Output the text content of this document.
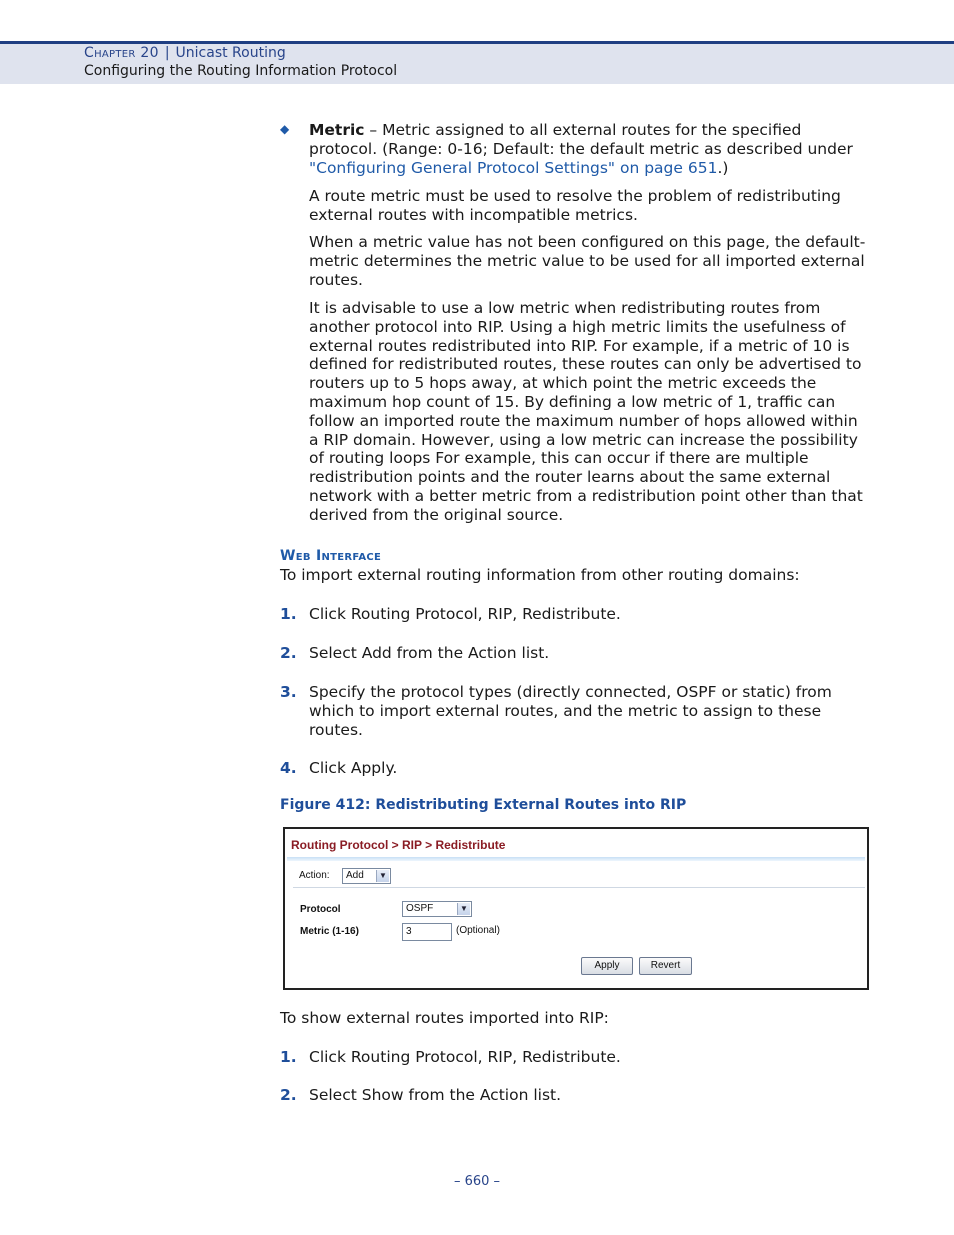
Chapter 20 | Unicast Routing
Configuring the Routing Information Protocol
◆ Metric – Metric assigned to all external routes for the specified
protocol. (Range: 0-16; Default: the default metric as described under
"Configuring General Protocol Settings" on page 651.)
A route metric must be used to resolve the problem of redistributing
external routes with incompatible metrics.
When a metric value has not been configured on this page, the default-
metric determines the metric value to be used for all imported external
routes.
It is advisable to use a low metric when redistributing routes from
another protocol into RIP. Using a high metric limits the usefulness of
external routes redistributed into RIP. For example, if a metric of 10 is
defined for redistributed routes, these routes can only be advertised to
routers up to 5 hops away, at which point the metric exceeds the
maximum hop count of 15. By defining a low metric of 1, traffic can
follow an imported route the maximum number of hops allowed within
a RIP domain. However, using a low metric can increase the possibility
of routing loops For example, this can occur if there are multiple
redistribution points and the router learns about the same external
network with a better metric from a redistribution point other than that
derived from the original source.
Web Interface
To import external routing information from other routing domains:
1. Click Routing Protocol, RIP, Redistribute.
2. Select Add from the Action list.
3. Specify the protocol types (directly connected, OSPF or static) from
which to import external routes, and the metric to assign to these
routes.
4. Click Apply.
Figure 412: Redistributing External Routes into RIP
Routing Protocol > RIP > Redistribute
Action:	Add	▼
Protocol	OSPF	▼
Metric (1-16)	3	(Optional)
Apply	Revert
To show external routes imported into RIP:
1. Click Routing Protocol, RIP, Redistribute.
2. Select Show from the Action list.
– 660 –
